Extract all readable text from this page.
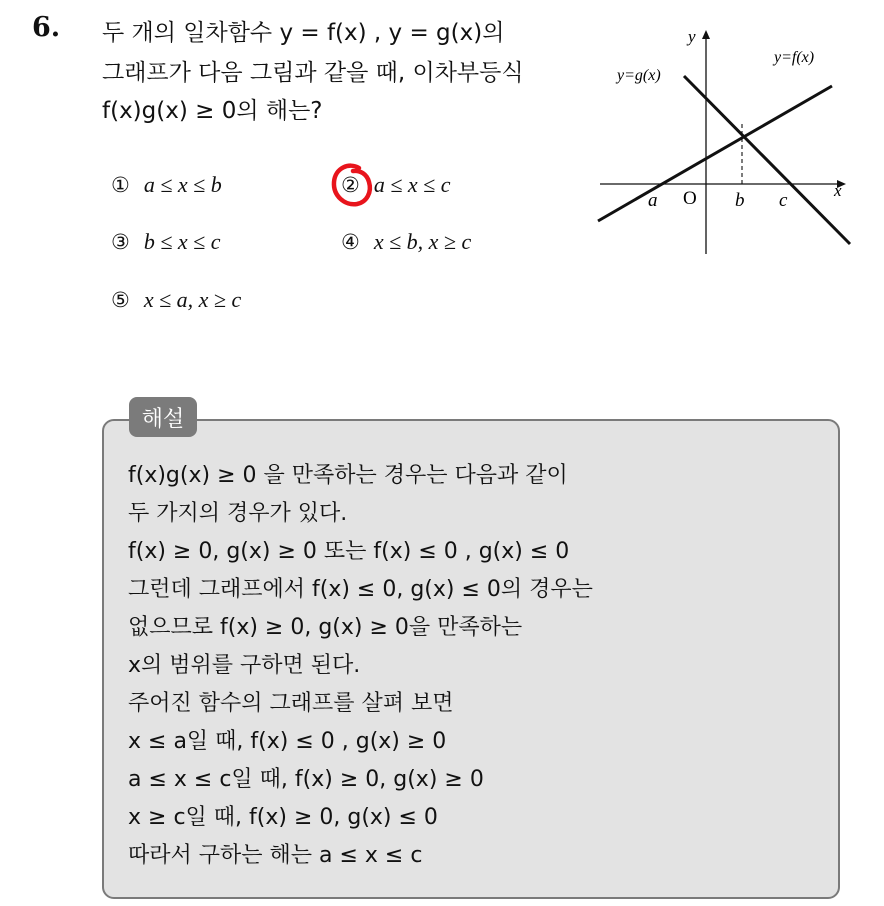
6. 두 개의 일차함수 y = f(x) , y = g(x)의
그래프가 다음 그림과 같을 때, 이차부등식
f(x)g(x) ≥ 0의 해는?
① a ≤ x ≤ b	② a ≤ x ≤ c
③ b ≤ x ≤ c	④ x ≤ b, x ≥ c
⑤ x ≤ a, x ≥ c
y
x
y=g(x)
y=f(x)
a O b c
해설
f(x)g(x) ≥ 0 을 만족하는 경우는 다음과 같이
두 가지의 경우가 있다.
f(x) ≥ 0, g(x) ≥ 0 또는 f(x) ≤ 0 , g(x) ≤ 0
그런데 그래프에서 f(x) ≤ 0, g(x) ≤ 0의 경우는
없으므로 f(x) ≥ 0, g(x) ≥ 0을 만족하는
x의 범위를 구하면 된다.
주어진 함수의 그래프를 살펴 보면
x ≤ a일 때, f(x) ≤ 0 , g(x) ≥ 0
a ≤ x ≤ c일 때, f(x) ≥ 0, g(x) ≥ 0
x ≥ c일 때, f(x) ≥ 0, g(x) ≤ 0
따라서 구하는 해는 a ≤ x ≤ c
